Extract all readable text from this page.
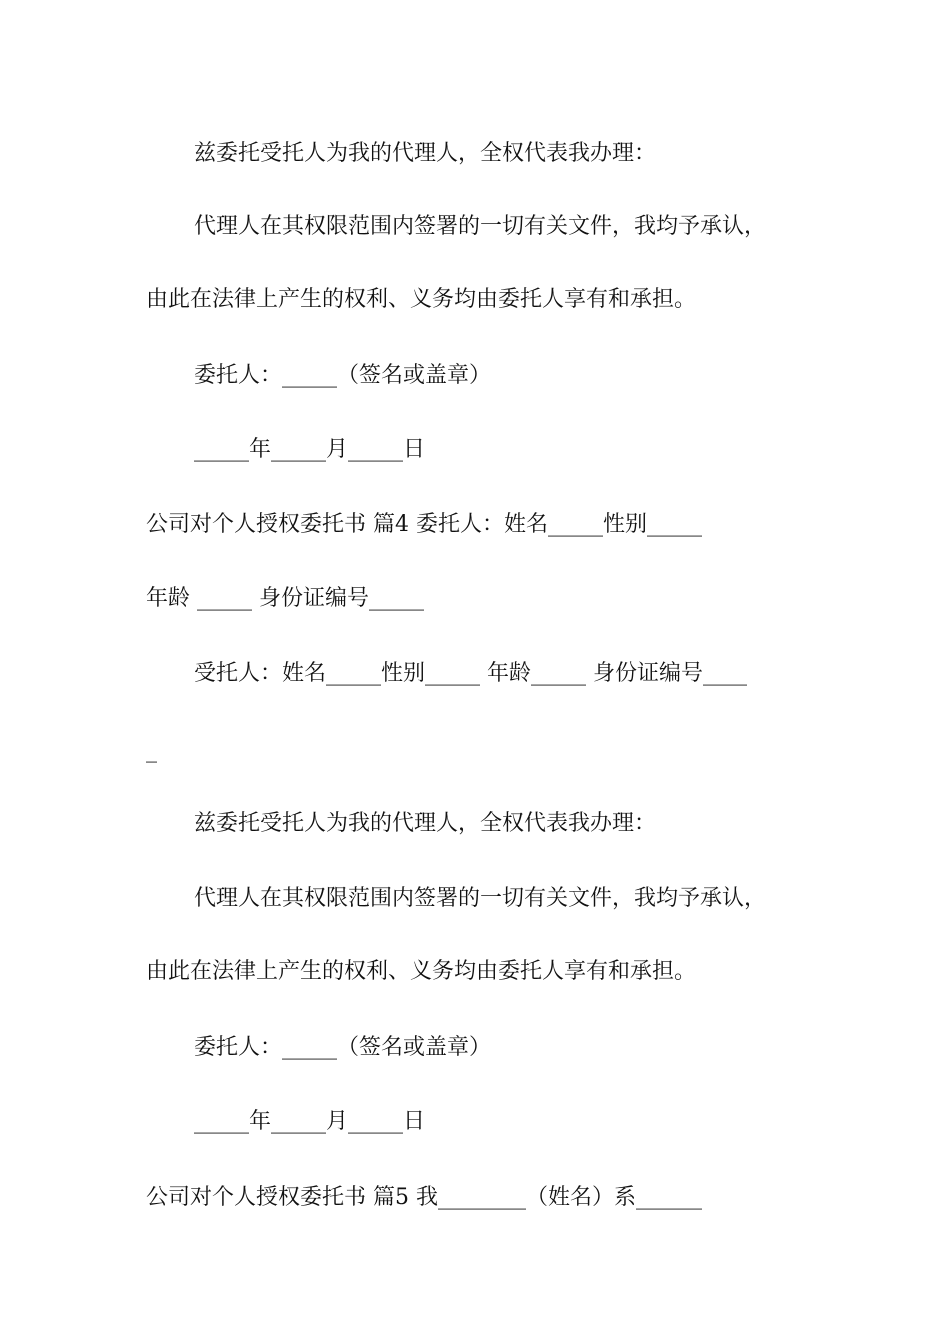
兹委托受托人为我的代理人，全权代表我办理：
代理人在其权限范围内签署的一切有关文件，我均予承认，
由此在法律上产生的权利、义务均由委托人享有和承担。
委托人：_____（签名或盖章）
_____年_____月_____日
公司对个人授权委托书 篇4 委托人：姓名_____性别_____
年龄 _____ 身份证编号_____
受托人：姓名_____性别_____ 年龄_____ 身份证编号____
_
兹委托受托人为我的代理人，全权代表我办理：
代理人在其权限范围内签署的一切有关文件，我均予承认，
由此在法律上产生的权利、义务均由委托人享有和承担。
委托人：_____（签名或盖章）
_____年_____月_____日
公司对个人授权委托书 篇5 我________（姓名）系______
